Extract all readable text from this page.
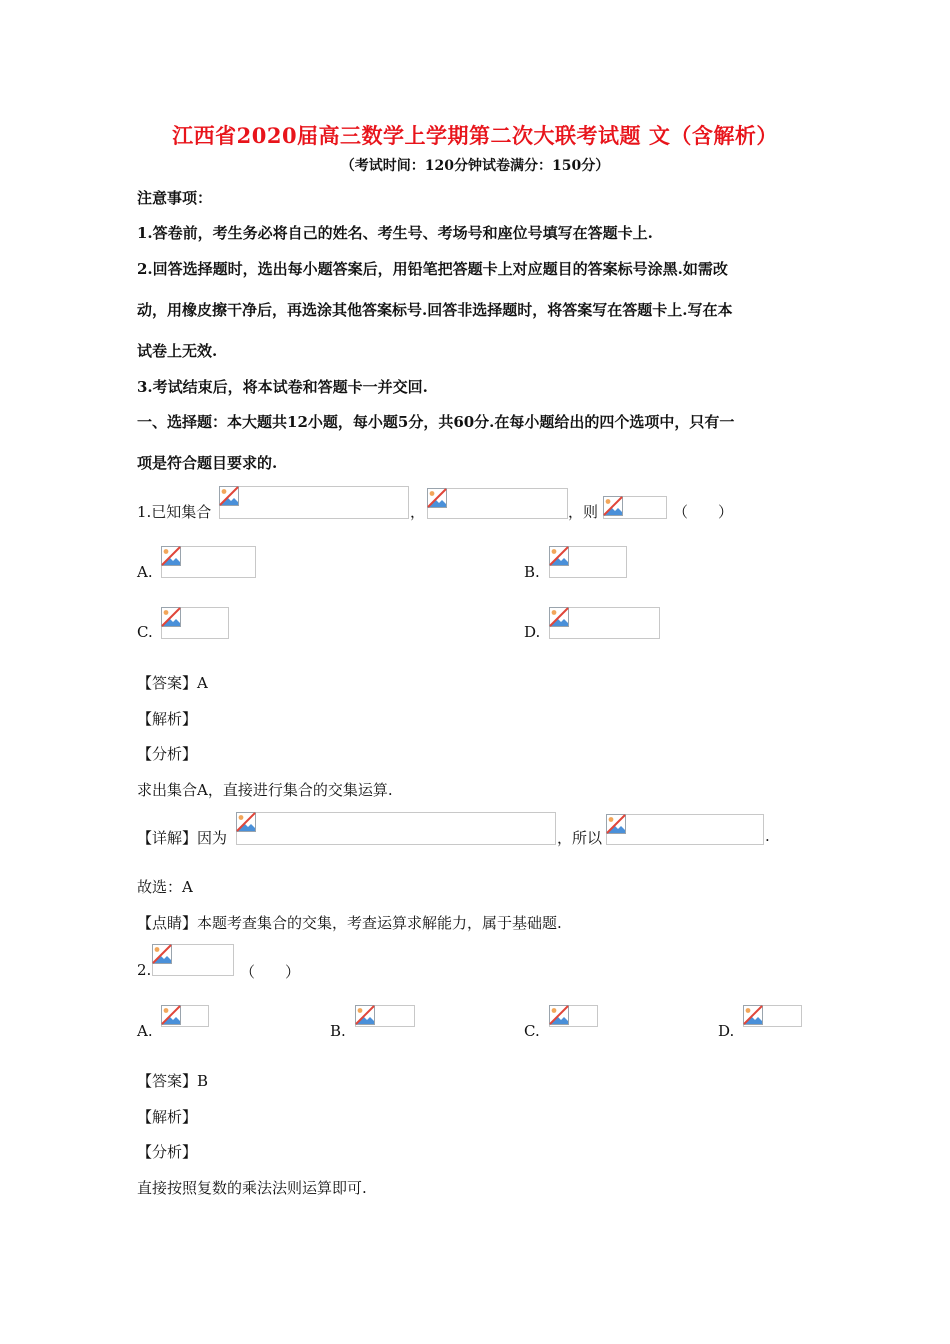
江西省2020届高三数学上学期第二次大联考试题 文（含解析）
（考试时间：120分钟试卷满分：150分）
注意事项：
1.答卷前，考生务必将自己的姓名、考生号、考场号和座位号填写在答题卡上.
2.回答选择题时，选出每小题答案后，用铅笔把答题卡上对应题目的答案标号涂黑.如需改
动，用橡皮擦干净后，再选涂其他答案标号.回答非选择题时，将答案写在答题卡上.写在本
试卷上无效.
3.考试结束后，将本试卷和答题卡一并交回.
一、选择题：本大题共12小题，每小题5分，共60分.在每小题给出的四个选项中，只有一
项是符合题目要求的.
1.已知集合	，	，则	（　　）
A.	B.
C.	D.
【答案】A
【解析】
【分析】
求出集合A，直接进行集合的交集运算.
【详解】因为	，所以	.
故选：A
【点睛】本题考查集合的交集，考查运算求解能力，属于基础题.
2.	（　　）
A.	B.	C.	D.
【答案】B
【解析】
【分析】
直接按照复数的乘法法则运算即可.
